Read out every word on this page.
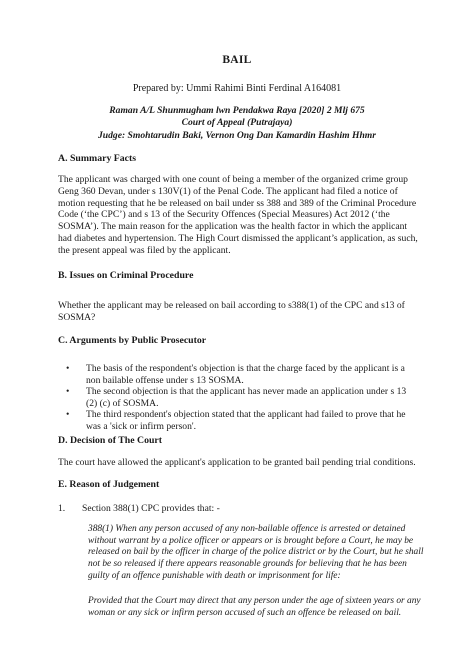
BAIL
Prepared by: Ummi Rahimi Binti Ferdinal A164081
Raman A/L Shunmugham lwn Pendakwa Raya [2020] 2 Mlj 675
Court of Appeal (Putrajaya)
Judge: Smohtarudin Baki, Vernon Ong Dan Kamardin Hashim Hhmr
A. Summary Facts
The applicant was charged with one count of being a member of the organized crime group
Geng 360 Devan, under s 130V(1) of the Penal Code. The applicant had filed a notice of
motion requesting that he be released on bail under ss 388 and 389 of the Criminal Procedure
Code (‘the CPC’) and s 13 of the Security Offences (Special Measures) Act 2012 (‘the
SOSMA’). The main reason for the application was the health factor in which the applicant
had diabetes and hypertension. The High Court dismissed the applicant’s application, as such,
the present appeal was filed by the applicant.
B. Issues on Criminal Procedure
Whether the applicant may be released on bail according to s388(1) of the CPC and s13 of
SOSMA?
C. Arguments by Public Prosecutor
• The basis of the respondent's objection is that the charge faced by the applicant is a
non bailable offense under s 13 SOSMA.
• The second objection is that the applicant has never made an application under s 13
(2) (c) of SOSMA.
• The third respondent's objection stated that the applicant had failed to prove that he
was a 'sick or infirm person'.
D. Decision of The Court
The court have allowed the applicant's application to be granted bail pending trial conditions.
E. Reason of Judgement
1. Section 388(1) CPC provides that: -
388(1) When any person accused of any non-bailable offence is arrested or detained
without warrant by a police officer or appears or is brought before a Court, he may be
released on bail by the officer in charge of the police district or by the Court, but he shall
not be so released if there appears reasonable grounds for believing that he has been
guilty of an offence punishable with death or imprisonment for life:
Provided that the Court may direct that any person under the age of sixteen years or any
woman or any sick or infirm person accused of such an offence be released on bail.
